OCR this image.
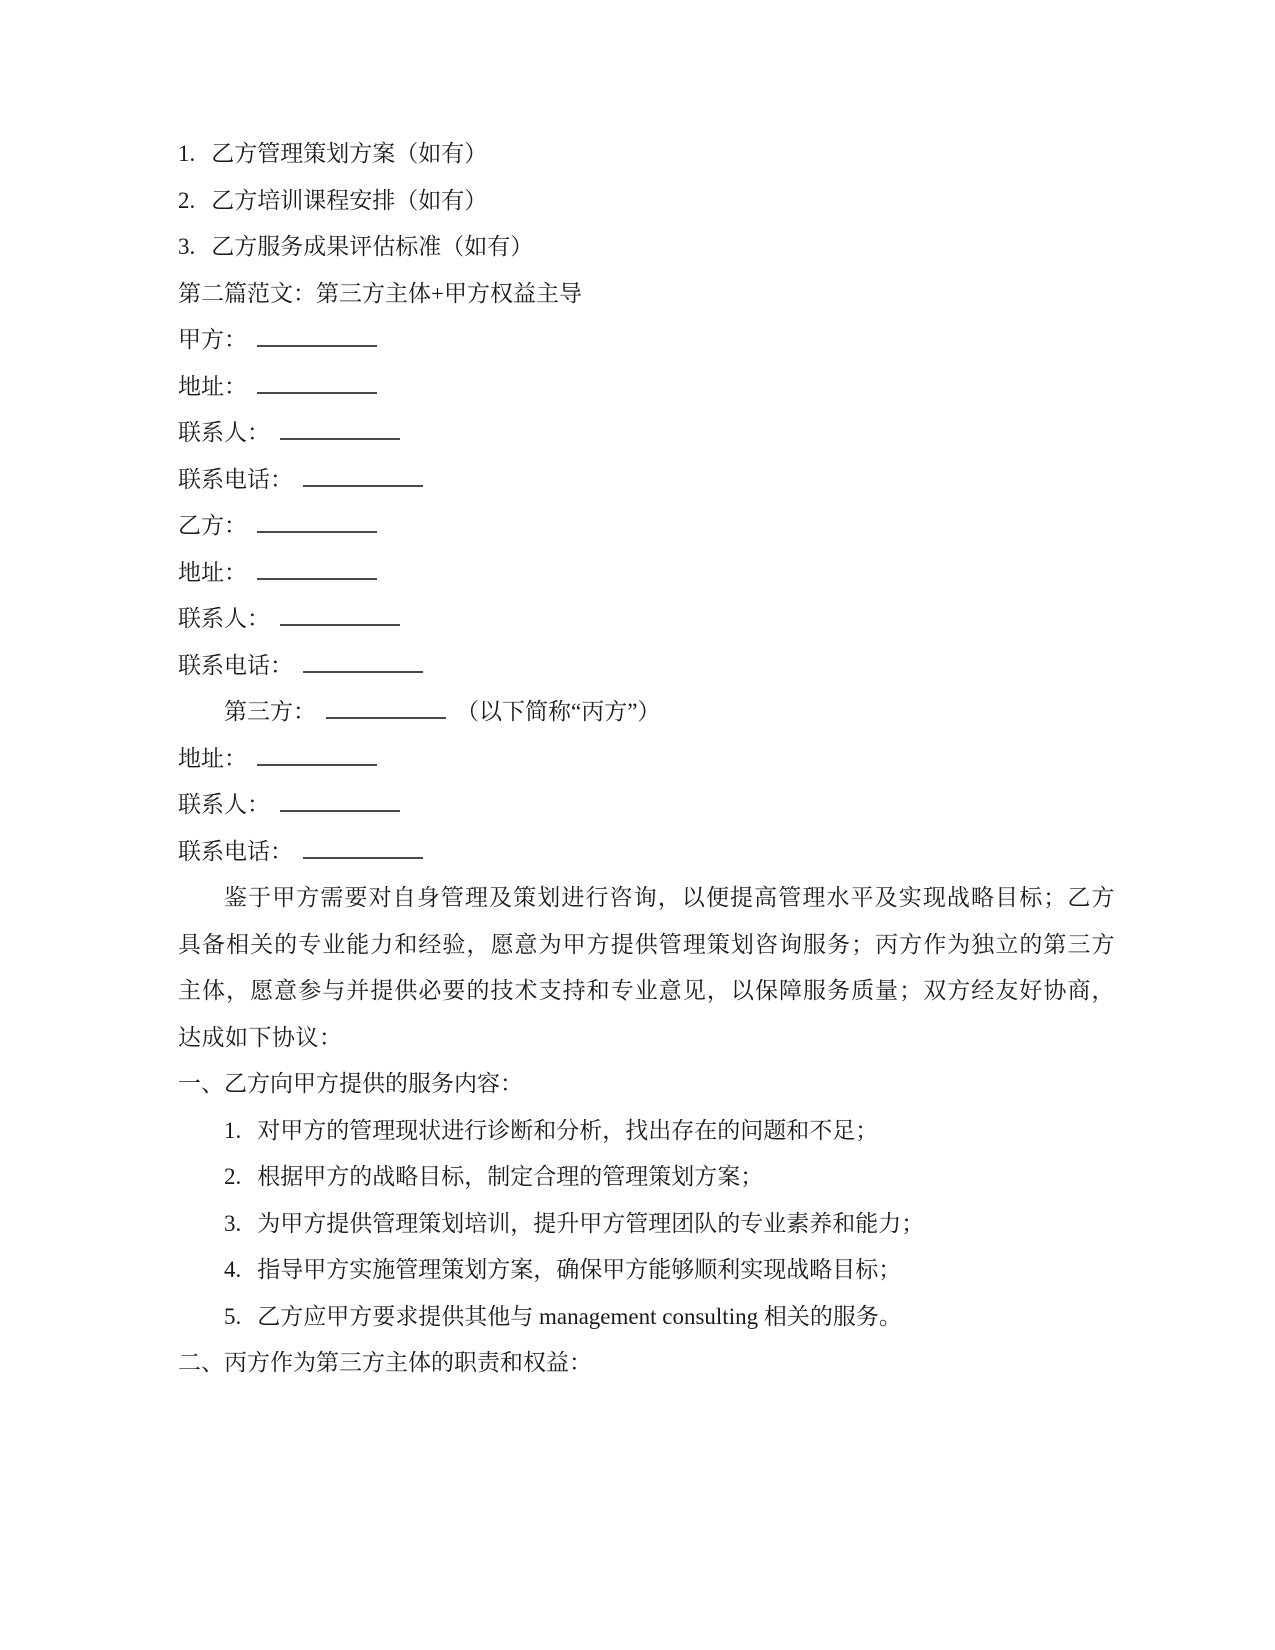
1. 乙方管理策划方案（如有）

2. 乙方培训课程安排（如有）

3. 乙方服务成果评估标准（如有）

第二篇范文：第三方主体+甲方权益主导

甲方：

地址：

联系人：

联系电话：

乙方：

地址：

联系人：

联系电话：

第三方：	（以下简称“丙方”）

地址：

联系人：

联系电话：

鉴于甲方需要对自身管理及策划进行咨询，以便提高管理水平及实现战略目标；乙方具备相关的专业能力和经验，愿意为甲方提供管理策划咨询服务；丙方作为独立的第三方主体，愿意参与并提供必要的技术支持和专业意见，以保障服务质量；双方经友好协商，达成如下协议：

一、乙方向甲方提供的服务内容：

1. 对甲方的管理现状进行诊断和分析，找出存在的问题和不足；

2. 根据甲方的战略目标，制定合理的管理策划方案；

3. 为甲方提供管理策划培训，提升甲方管理团队的专业素养和能力；

4. 指导甲方实施管理策划方案，确保甲方能够顺利实现战略目标；

5. 乙方应甲方要求提供其他与 management consulting 相关的服务。

二、丙方作为第三方主体的职责和权益：
